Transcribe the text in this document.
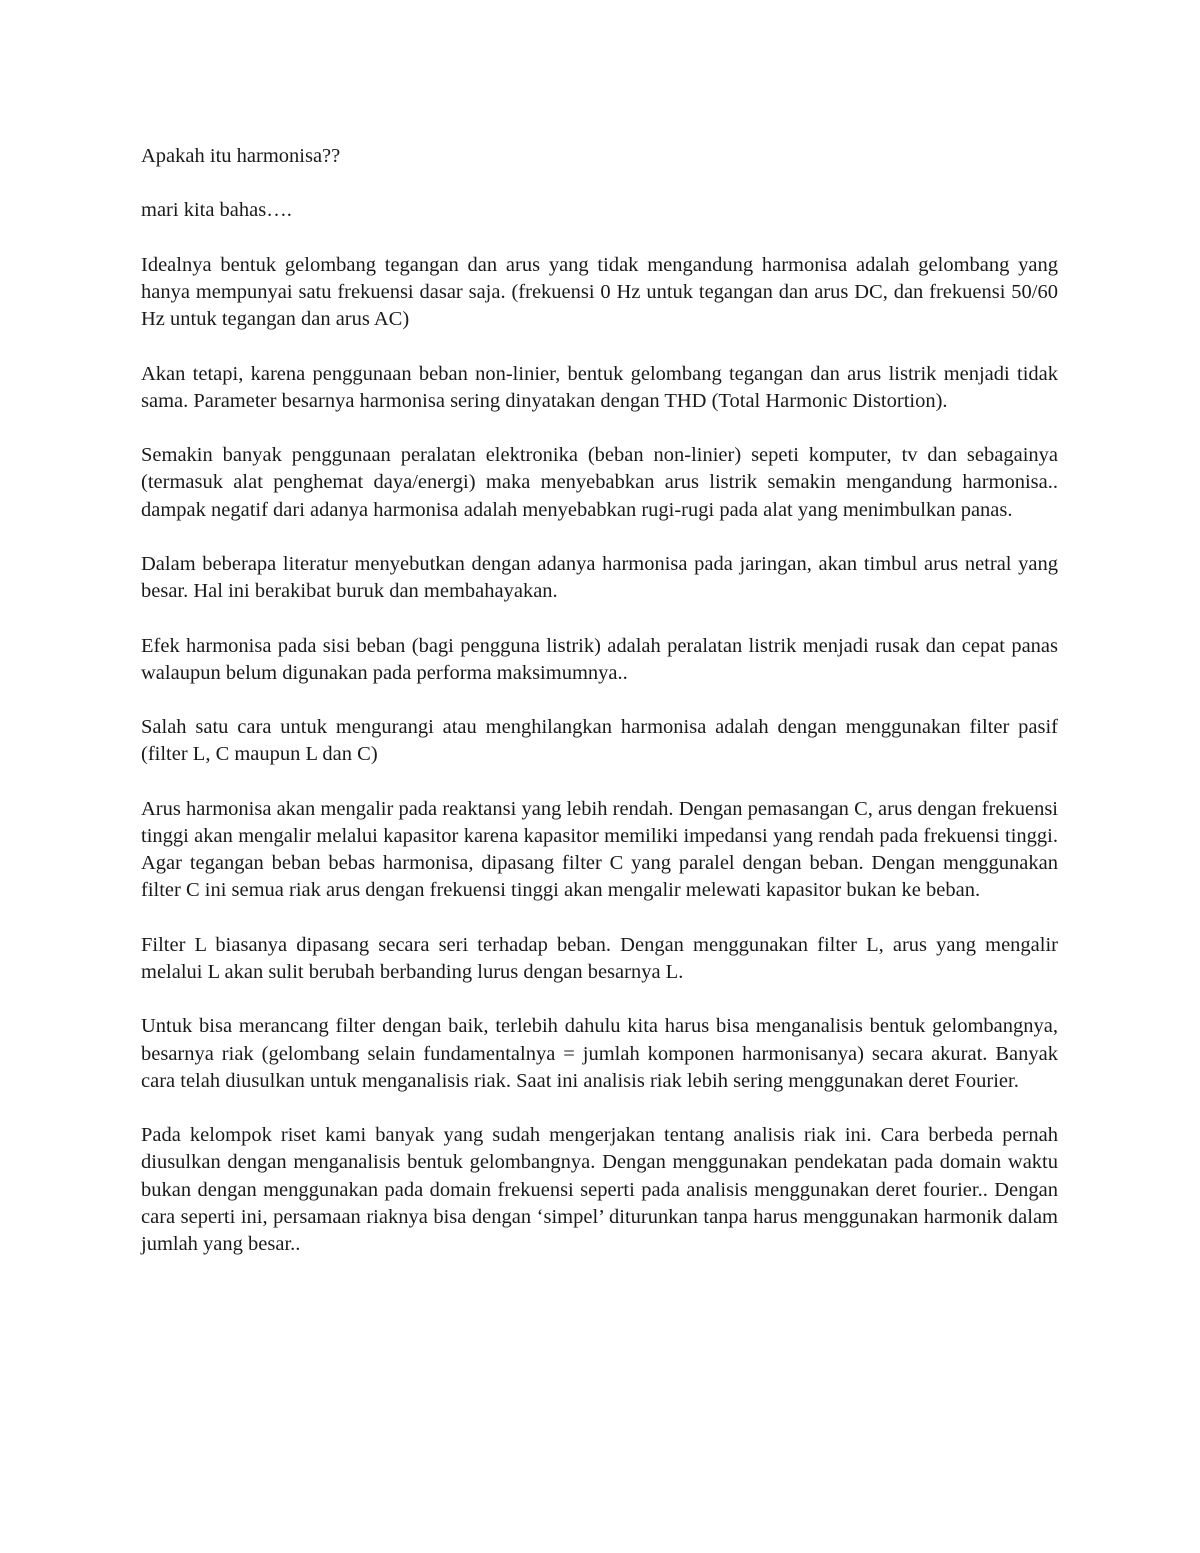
Apakah itu harmonisa??

mari kita bahas….

Idealnya bentuk gelombang tegangan dan arus yang tidak mengandung harmonisa adalah gelombang yang hanya mempunyai satu frekuensi dasar saja. (frekuensi 0 Hz untuk tegangan dan arus DC, dan frekuensi 50/60 Hz untuk tegangan dan arus AC)

Akan tetapi, karena penggunaan beban non-linier, bentuk gelombang tegangan dan arus listrik menjadi tidak sama. Parameter besarnya harmonisa sering dinyatakan dengan THD (Total Harmonic Distortion).

Semakin banyak penggunaan peralatan elektronika (beban non-linier) sepeti komputer, tv dan sebagainya (termasuk alat penghemat daya/energi) maka menyebabkan arus listrik semakin mengandung harmonisa.. dampak negatif dari adanya harmonisa adalah menyebabkan rugi-rugi pada alat yang menimbulkan panas.

Dalam beberapa literatur menyebutkan dengan adanya harmonisa pada jaringan, akan timbul arus netral yang besar. Hal ini berakibat buruk dan membahayakan.

Efek harmonisa pada sisi beban (bagi pengguna listrik) adalah peralatan listrik menjadi rusak dan cepat panas walaupun belum digunakan pada performa maksimumnya..

Salah satu cara untuk mengurangi atau menghilangkan harmonisa adalah dengan menggunakan filter pasif (filter L, C maupun L dan C)

Arus harmonisa akan mengalir pada reaktansi yang lebih rendah. Dengan pemasangan C, arus dengan frekuensi tinggi akan mengalir melalui kapasitor karena kapasitor memiliki impedansi yang rendah pada frekuensi tinggi. Agar tegangan beban bebas harmonisa, dipasang filter C yang paralel dengan beban. Dengan menggunakan filter C ini semua riak arus dengan frekuensi tinggi akan mengalir melewati kapasitor bukan ke beban.

Filter L biasanya dipasang secara seri terhadap beban. Dengan menggunakan filter L, arus yang mengalir melalui L akan sulit berubah berbanding lurus dengan besarnya L.

Untuk bisa merancang filter dengan baik, terlebih dahulu kita harus bisa menganalisis bentuk gelombangnya, besarnya riak (gelombang selain fundamentalnya = jumlah komponen harmonisanya) secara akurat. Banyak cara telah diusulkan untuk menganalisis riak. Saat ini analisis riak lebih sering menggunakan deret Fourier.

Pada kelompok riset kami banyak yang sudah mengerjakan tentang analisis riak ini. Cara berbeda pernah diusulkan dengan menganalisis bentuk gelombangnya. Dengan menggunakan pendekatan pada domain waktu bukan dengan menggunakan pada domain frekuensi seperti pada analisis menggunakan deret fourier.. Dengan cara seperti ini, persamaan riaknya bisa dengan ‘simpel’ diturunkan tanpa harus menggunakan harmonik dalam jumlah yang besar..
